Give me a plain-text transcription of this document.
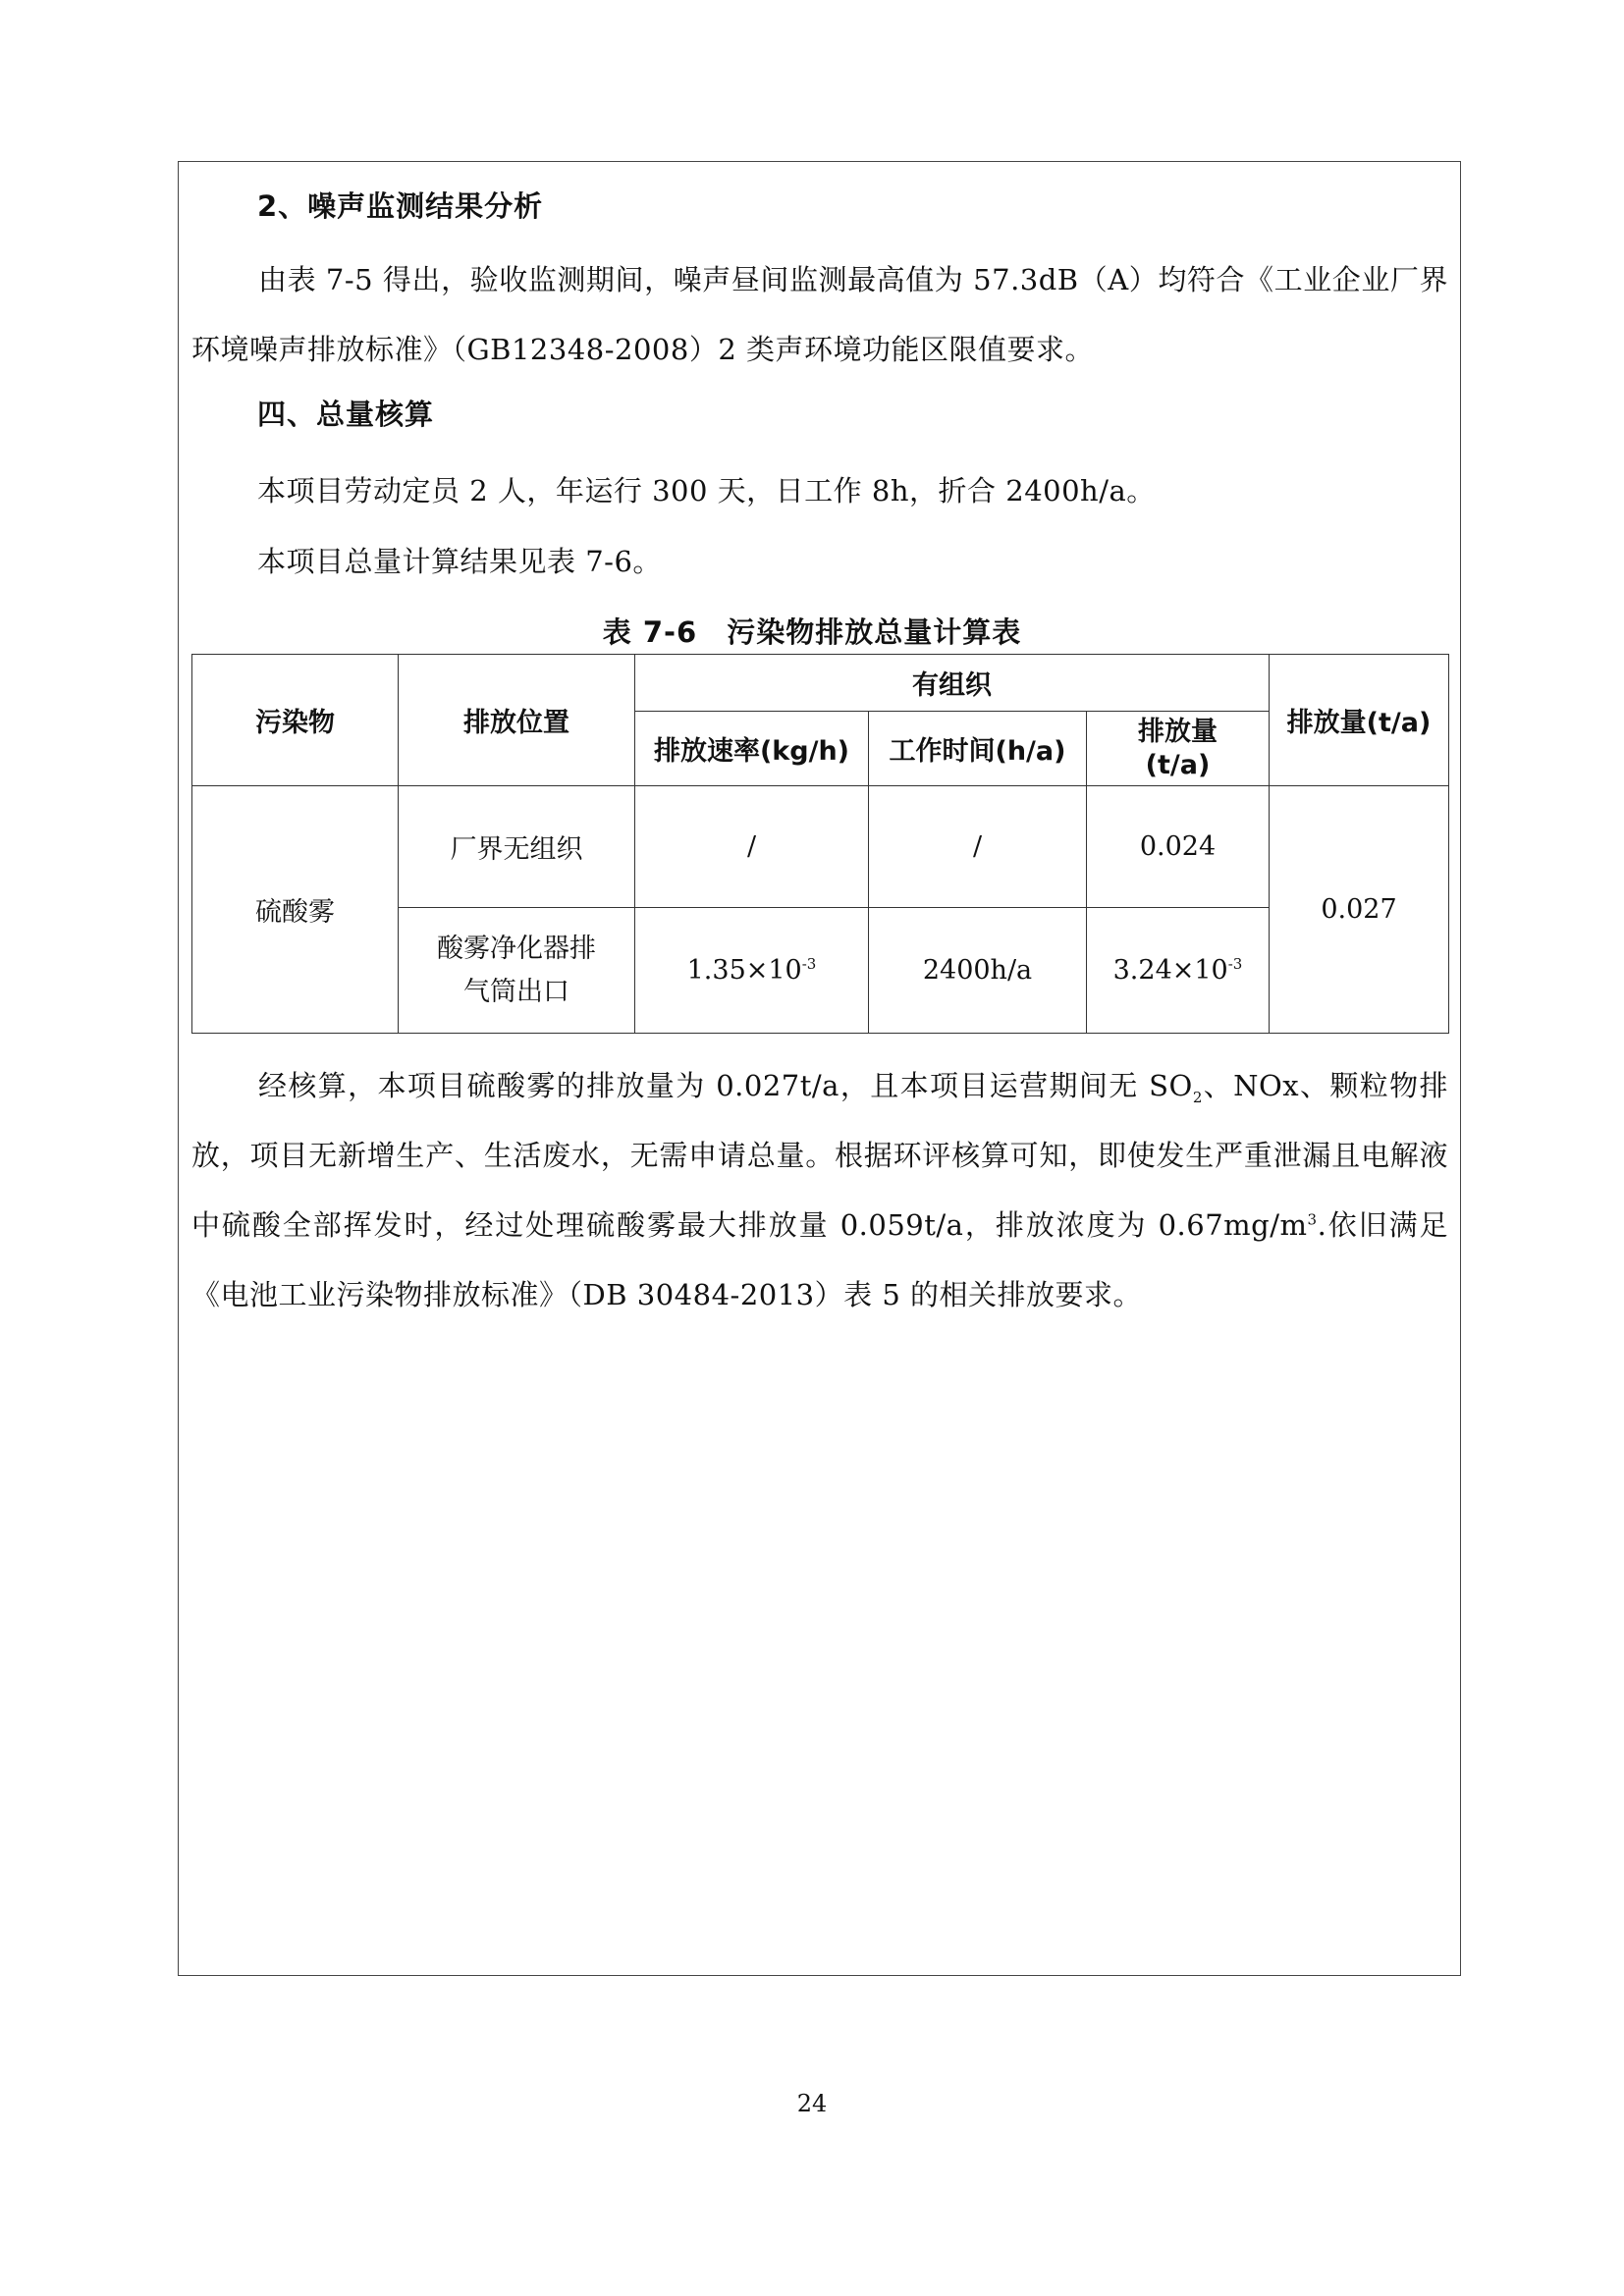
2、噪声监测结果分析

由表 7-5 得出，验收监测期间，噪声昼间监测最高值为 57.3dB（A）均符合《工业企业厂界环境噪声排放标准》（GB12348-2008）2 类声环境功能区限值要求。

四、总量核算
本项目劳动定员 2 人，年运行 300 天，日工作 8h，折合 2400h/a。
本项目总量计算结果见表 7-6。
表 7-6　污染物排放总量计算表
污染物	排放位置	有组织			排放量(t/a)
		排放速率(kg/h)	工作时间(h/a)	排放量(t/a)	
硫酸雾	厂界无组织	/	/	0.024	0.027
	酸雾净化器排气筒出口	$1.35\times 10^{-3}$	2400h/a	$3.24\times 10^{-3}$

经核算，本项目硫酸雾的排放量为 0.027t/a，且本项目运营期间无 $SO_2$、NOx、颗粒物排放，项目无新增生产、生活废水，无需申请总量。根据环评核算可知，即使发生严重泄漏且电解液中硫酸全部挥发时，经过处理硫酸雾最大排放量 0.059t/a，排放浓度为 $0.67mg/m^3$.依旧满足《电池工业污染物排放标准》（DB 30484-2013）表 5 的相关排放要求。

24
